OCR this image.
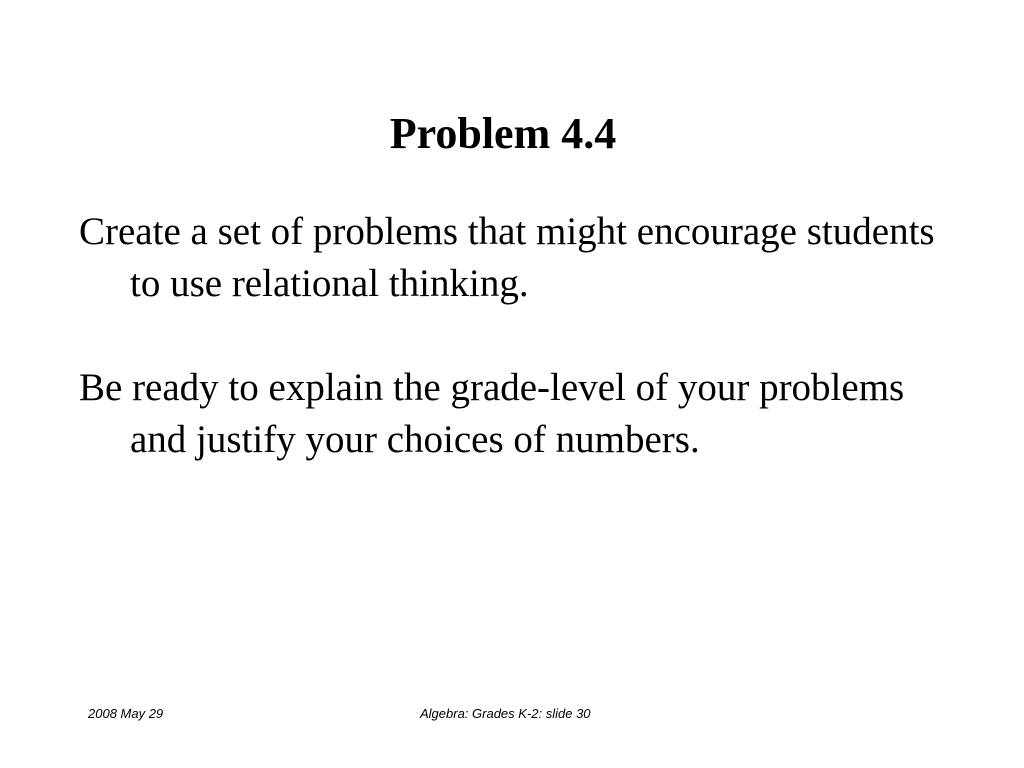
Problem 4.4

Create a set of problems that might encourage students to use relational thinking.

Be ready to explain the grade-level of your problems and justify your choices of numbers.

2008 May 29	Algebra: Grades K-2: slide 30
